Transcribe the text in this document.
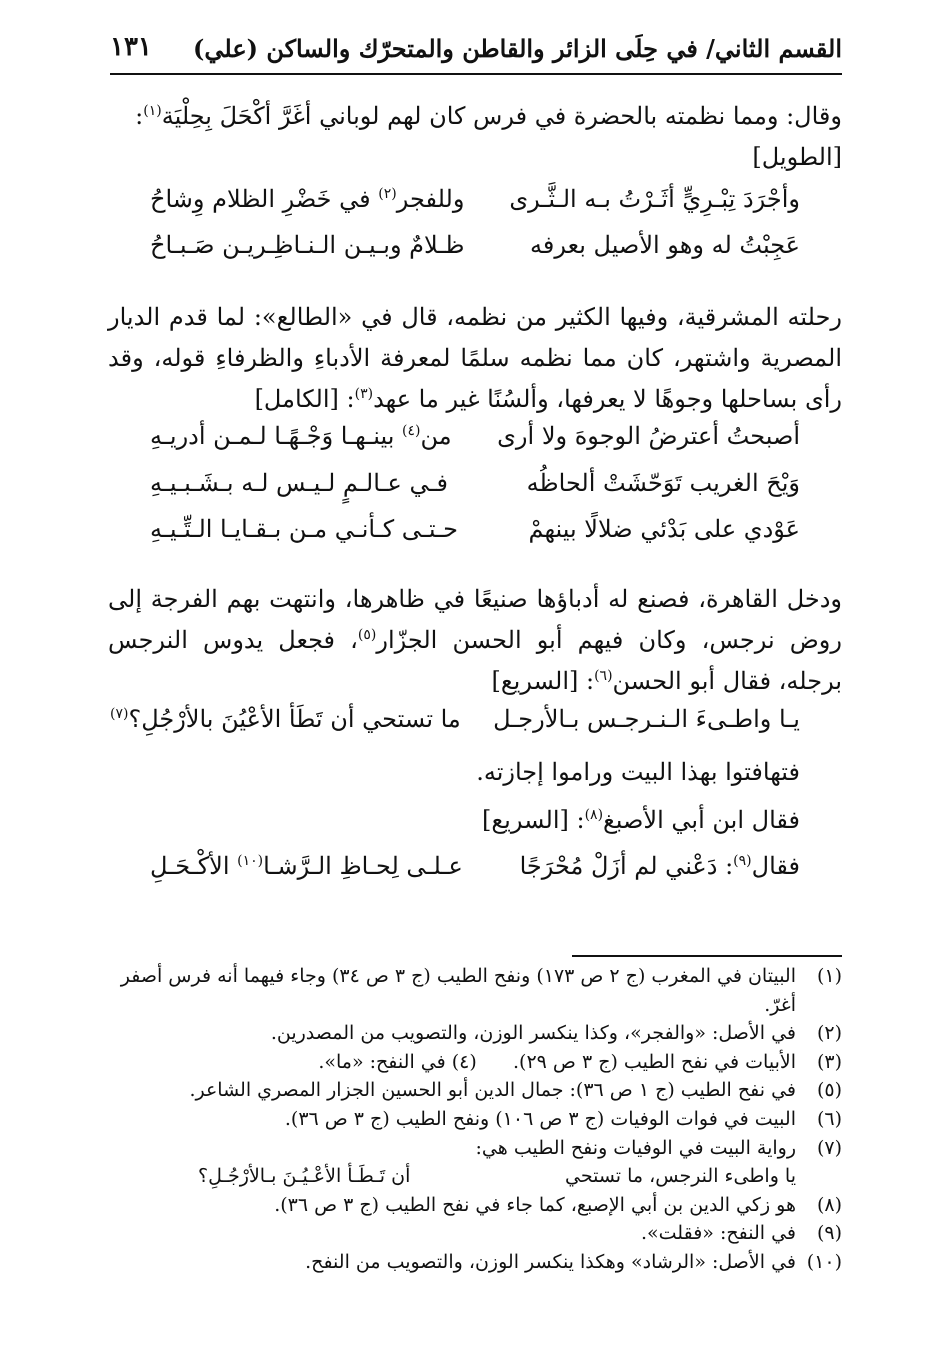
القسم الثاني/ في حِلَى الزائر والقاطن والمتحرّك والساكن (علي)
١٣١
وقال: ومما نظمته بالحضرة في فرس كان لهم لوباني أغَرَّ أكْحَلَ بِحِلْيَة$^{(١)}$:
[الطويل]
وأجْرَدَ تِبْـرِيٍّ أثَـرْتُ بـه الـثَّـرى
وللفجر$^{(٢)}$ في خَضْرِ الظلام وِشاحُ
عَجِبْتُ له وهو الأصيل بعرفه
ظـلامٌ وبـيـن الـنـاظِـريـن صَـبـاحُ
رحلته المشرقية، وفيها الكثير من نظمه، قال في «الطالع»: لما قدم الديار المصرية واشتهر، كان مما نظمه سلمًا لمعرفة الأدباءِ والظرفاءِ قوله، وقد رأى بساحلها وجوهًا لا يعرفها، وألسُنًا غير ما عهد$^{(٣)}$: [الكامل]
أصبحتُ أعترضُ الوجوهَ ولا أرى
من$^{(٤)}$ بينـهـا وَجْـهًـا لـمـن أدريـهِ
وَيْحَ الغريب تَوَحّشَتْ ألحاظُه
فـي عـالـمٍ لـيـس لـه بـشَـبـيـهِ
عَوْدي على بَدْئي ضلالًا بينهمْ
حـتـى كـأنـي مـن بـقـايـا الـتِّـيـهِ
ودخل القاهرة، فصنع له أدباؤها صنيعًا في ظاهرها، وانتهت بهم الفرجة إلى روض نرجس، وكان فيهم أبو الحسن الجزّار$^{(٥)}$، فجعل يدوس النرجس برجله، فقال أبو الحسن$^{(٦)}$: [السريع]
يـا واطـىءَ الـنـرجـس بـالأرجـل
ما تستحي أن تَطَأ الأعْيُنَ بالأرْجُلِ؟$^{(٧)}$
فتهافتوا بهذا البيت وراموا إجازته.
فقال ابن أبي الأصبغ$^{(٨)}$: [السريع]
فقال$^{(٩)}$: دَعْني لم أزَلْ مُحْرَجًا
عـلـى لِحـاظِ الـرَّشـا$^{(١٠)}$ الأكْـحَـلِ
(١)
البيتان في المغرب (ج ٢ ص ١٧٣) ونفح الطيب (ج ٣ ص ٣٤) وجاء فيهما أنه فرس أصفر أغرّ.
(٢)
في الأصل: «والفجر»، وكذا ينكسر الوزن، والتصويب من المصدرين.
(٣)
الأبيات في نفح الطيب (ج ٣ ص ٢٩).      (٤) في النفح: «ما».
(٥)
في نفح الطيب (ج ١ ص ٣٦): جمال الدين أبو الحسين الجزار المصري الشاعر.
(٦)
البيت في فوات الوفيات (ج ٣ ص ١٠٦) ونفح الطيب (ج ٣ ص ٣٦).
(٧)
رواية البيت في الوفيات ونفح الطيب هي:
يا واطىء النرجس، ما تستحي
أن تَـطَـأ الأعْـيُـنَ بـالأرْجُـلِ؟
(٨)
هو زكي الدين بن أبي الإصبع، كما جاء في نفح الطيب (ج ٣ ص ٣٦).
(٩)
في النفح: «فقلت».
(١٠)
في الأصل: «الرشاد» وهكذا ينكسر الوزن، والتصويب من النفح.
